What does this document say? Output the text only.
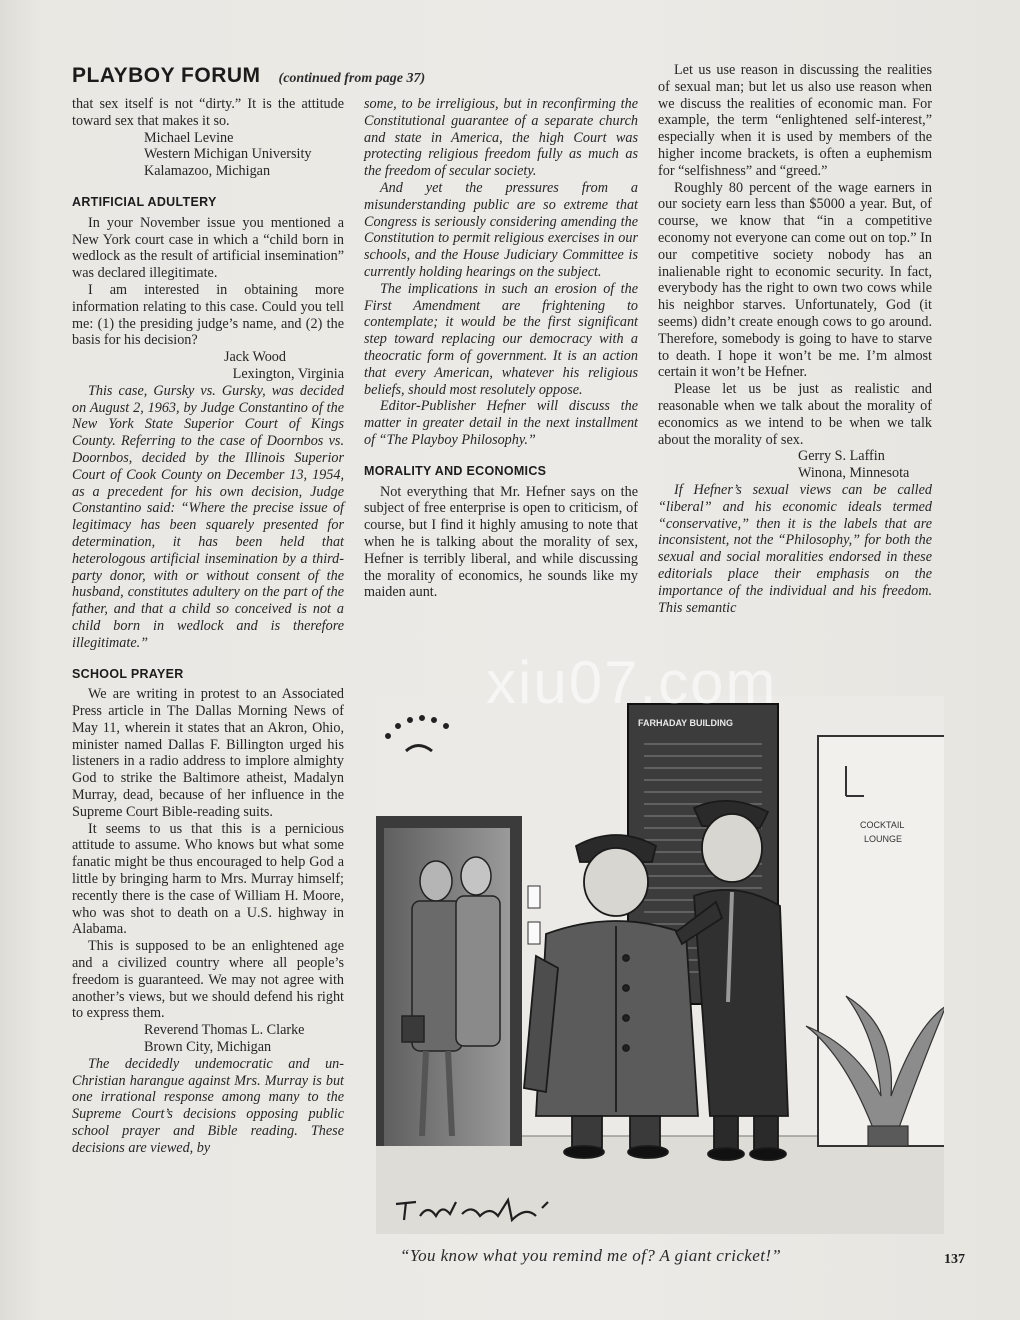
PLAYBOY FORUM (continued from page 37)

that sex itself is not “dirty.” It is the attitude toward sex that makes it so.

Michael Levine
Western Michigan University
Kalamazoo, Michigan
ARTIFICIAL ADULTERY

In your November issue you mentioned a New York court case in which a “child born in wedlock as the result of artificial insemination” was declared illegitimate.

I am interested in obtaining more information relating to this case. Could you tell me: (1) the presiding judge’s name, and (2) the basis for his decision?

Jack Wood
Lexington, Virginia

This case, Gursky vs. Gursky, was decided on August 2, 1963, by Judge Constantino of the New York State Superior Court of Kings County. Referring to the case of Doornbos vs. Doornbos, decided by the Illinois Superior Court of Cook County on December 13, 1954, as a precedent for his own decision, Judge Constantino said: “Where the precise issue of legitimacy has been squarely presented for determination, it has been held that heterologous artificial insemination by a third-party donor, with or without consent of the husband, constitutes adultery on the part of the father, and that a child so conceived is not a child born in wedlock and is therefore illegitimate.”

SCHOOL PRAYER

We are writing in protest to an Associated Press article in The Dallas Morning News of May 11, wherein it states that an Akron, Ohio, minister named Dallas F. Billington urged his listeners in a radio address to implore almighty God to strike the Baltimore atheist, Madalyn Murray, dead, because of her influence in the Supreme Court Bible-reading suits.

It seems to us that this is a pernicious attitude to assume. Who knows but what some fanatic might be thus encouraged to help God a little by bringing harm to Mrs. Murray himself; recently there is the case of William H. Moore, who was shot to death on a U.S. highway in Alabama.

This is supposed to be an enlightened age and a civilized country where all people’s freedom is guaranteed. We may not agree with another’s views, but we should defend his right to express them.

Reverend Thomas L. Clarke
Brown City, Michigan

The decidedly undemocratic and un-Christian harangue against Mrs. Murray is but one irrational response among many to the Supreme Court’s decisions opposing public school prayer and Bible reading. These decisions are viewed, by

some, to be irreligious, but in reconfirming the Constitutional guarantee of a separate church and state in America, the high Court was protecting religious freedom fully as much as the freedom of secular society.

And yet the pressures from a misunderstanding public are so extreme that Congress is seriously considering amending the Constitution to permit religious exercises in our schools, and the House Judiciary Committee is currently holding hearings on the subject.

The implications in such an erosion of the First Amendment are frightening to contemplate; it would be the first significant step toward replacing our democracy with a theocratic form of government. It is an action that every American, whatever his religious beliefs, should most resolutely oppose.

Editor-Publisher Hefner will discuss the matter in greater detail in the next installment of “The Playboy Philosophy.”

MORALITY AND ECONOMICS

Not everything that Mr. Hefner says on the subject of free enterprise is open to criticism, of course, but I find it highly amusing to note that when he is talking about the morality of sex, Hefner is terribly liberal, and while discussing the morality of economics, he sounds like my maiden aunt.

Let us use reason in discussing the realities of sexual man; but let us also use reason when we discuss the realities of economic man. For example, the term “enlightened self-interest,” especially when it is used by members of the higher income brackets, is often a euphemism for “selfishness” and “greed.”

Roughly 80 percent of the wage earners in our society earn less than $5000 a year. But, of course, we know that “in a competitive economy not everyone can come out on top.” In our competitive society nobody has an inalienable right to economic security. In fact, everybody has the right to own two cows while his neighbor starves. Unfortunately, God (it seems) didn’t create enough cows to go around. Therefore, somebody is going to have to starve to death. I hope it won’t be me. I’m almost certain it won’t be Hefner.

Please let us be just as realistic and reasonable when we talk about the morality of economics as we intend to be when we talk about the morality of sex.

Gerry S. Laffin
Winona, Minnesota

If Hefner’s sexual views can be called “liberal” and his economic ideals termed “conservative,” then it is the labels that are inconsistent, not the “Philosophy,” for both the sexual and social moralities endorsed in these editorials place their emphasis on the importance of the individual and his freedom. This semantic

FARHADAY BUILDING
COCKTAIL
LOUNGE
“You know what you remind me of? A giant cricket!”	137
xiu07.com
